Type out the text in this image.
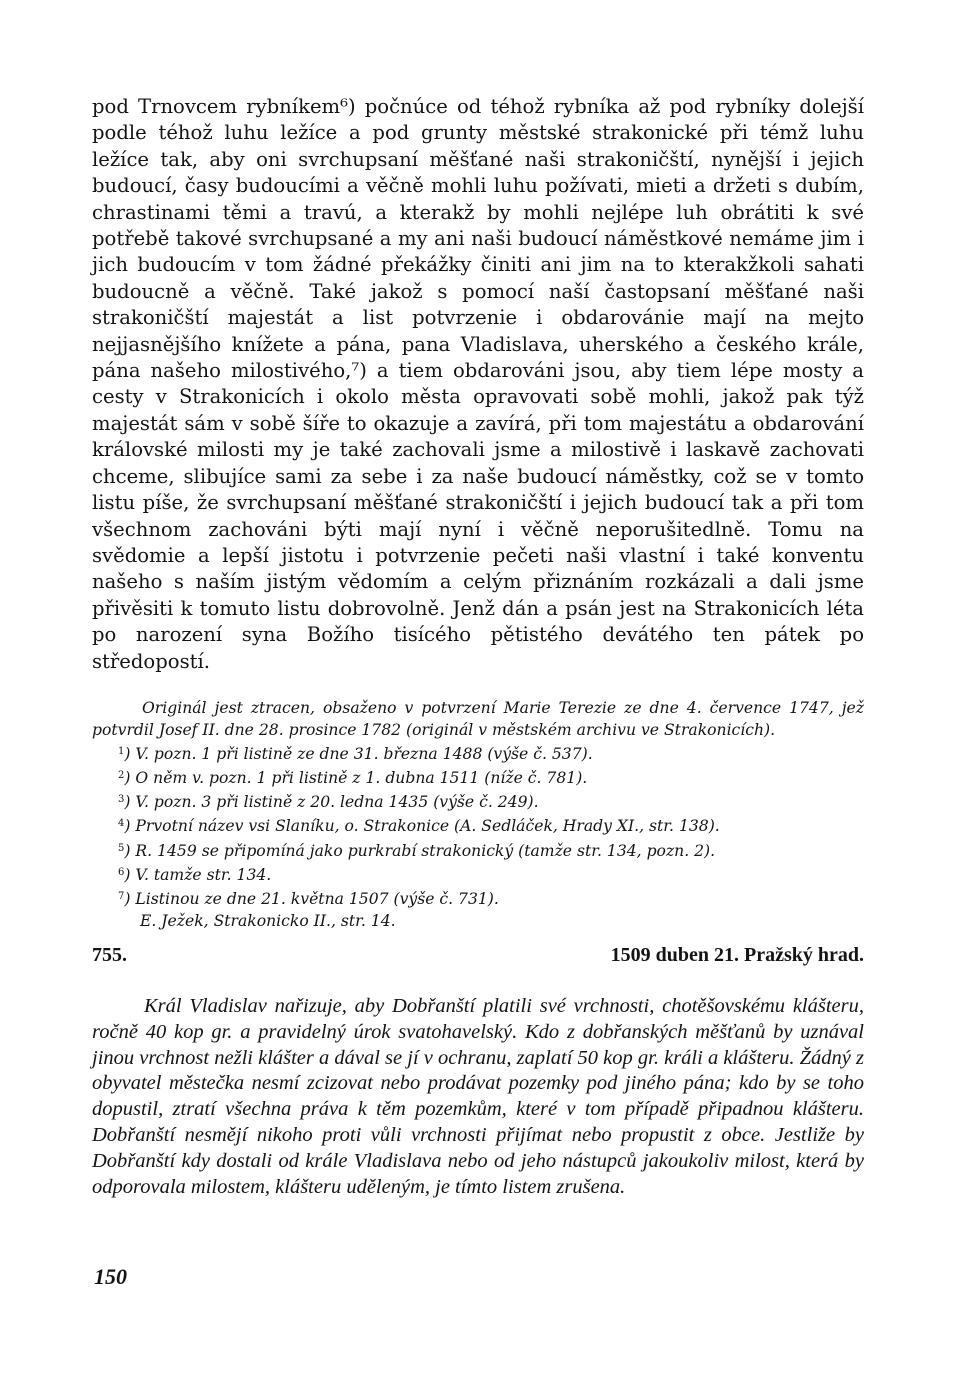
pod Trnovcem rybníkem⁶) počnúce od téhož rybníka až pod rybníky dolejší podle téhož luhu ležíce a pod grunty městské strakonické při témž luhu ležíce tak, aby oni svrchupsaní měšťané naši strakoničští, nynější i jejich budoucí, časy budoucími a věčně mohli luhu požívati, mieti a držeti s dubím, chrastinami těmi a travú, a kterakž by mohli nejlépe luh obrátiti k své potřebě takové svrchupsané a my ani naši budoucí náměstkové nemáme jim i jich budoucím v tom žádné překážky činiti ani jim na to kterakžkoli sahati budoucně a věčně. Také jakož s pomocí naší častopsaní měšťané naši strakoničští majestát a list potvrzenie i obdarovánie mají na mejto nejjasnějšího knížete a pána, pana Vladislava, uherského a českého krále, pána našeho milostivého,⁷) a tiem obdarováni jsou, aby tiem lépe mosty a cesty v Strakonicích i okolo města opravovati sobě mohli, jakož pak týž majestát sám v sobě šíře to okazuje a zavírá, při tom majestátu a obdarování královské milosti my je také zachovali jsme a milostivě i laskavě zachovati chceme, slibujíce sami za sebe i za naše budoucí náměstky, což se v tomto listu píše, že svrchupsaní měšťané strakoničští i jejich budoucí tak a při tom všechnom zachováni býti mají nyní i věčně neporušitedlně. Tomu na svědomie a lepší jistotu i potvrzenie pečeti naši vlastní i také konventu našeho s naším jistým vědomím a celým přiznáním rozkázali a dali jsme přivěsiti k tomuto listu dobrovolně. Jenž dán a psán jest na Strakonicích léta po narození syna Božího tisícého pětistého devátého ten pátek po středopostí.

Originál jest ztracen, obsaženo v potvrzení Marie Terezie ze dne 4. července 1747, jež potvrdil Josef II. dne 28. prosince 1782 (originál v městském archivu ve Strakonicích).

$^1$) V. pozn. 1 při listině ze dne 31. března 1488 (výše č. 537).

$^2$) O něm v. pozn. 1 při listině z 1. dubna 1511 (níže č. 781).

$^3$) V. pozn. 3 při listině z 20. ledna 1435 (výše č. 249).

$^4$) Prvotní název vsi Slaníku, o. Strakonice (A. Sedláček, Hrady XI., str. 138).

$^5$) R. 1459 se připomíná jako purkrabí strakonický (tamže str. 134, pozn. 2).

$^6$) V. tamže str. 134.

$^7$) Listinou ze dne 21. května 1507 (výše č. 731).

E. Ježek, Strakonicko II., str. 14.

755.	1509 duben 21. Pražský hrad.

Král Vladislav nařizuje, aby Dobřanští platili své vrchnosti, chotěšovskému klášteru, ročně 40 kop gr. a pravidelný úrok svatohavelský. Kdo z dobřanských měšťanů by uznával jinou vrchnost nežli klášter a dával se jí v ochranu, zaplatí 50 kop gr. králi a klášteru. Žádný z obyvatel městečka nesmí zcizovat nebo prodávat pozemky pod jiného pána; kdo by se toho dopustil, ztratí všechna práva k těm pozemkům, které v tom případě připadnou klášteru. Dobřanští nesmějí nikoho proti vůli vrchnosti přijímat nebo propustit z obce. Jestliže by Dobřanští kdy dostali od krále Vladislava nebo od jeho nástupců jakoukoliv milost, která by odporovala milostem, klášteru uděleným, je tímto listem zrušena.

150
